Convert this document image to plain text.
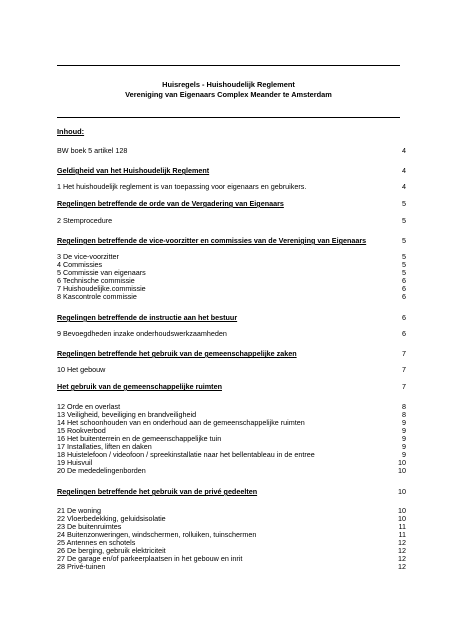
Huisregels - Huishoudelijk Reglement
Vereniging van Eigenaars Complex Meander te Amsterdam
Inhoud:
BW boek 5 artikel 128	4
Geldigheid van het Huishoudelijk Reglement	4
1 Het huishoudelijk reglement is van toepassing voor eigenaars en gebruikers.	4
Regelingen betreffende de orde van de Vergadering van Eigenaars	5
2 Stemprocedure	5
Regelingen betreffende de vice-voorzitter en commissies van de Vereniging van Eigenaars	5
3 De vice-voorzitter	5
4 Commissies	5
5 Commissie van eigenaars	5
6 Technische commissie	6
7 Huishoudelijke.commissie	6
8 Kascontrole commissie	6
Regelingen betreffende de instructie aan het bestuur	6
9 Bevoegdheden inzake onderhoudswerkzaamheden	6
Regelingen betreffende het gebruik van de gemeenschappelijke zaken	7
10 Het gebouw	7
Het gebruik van de gemeenschappelijke ruimten	7
12 Orde en overlast	8
13 Veiligheid, beveiliging en brandveiligheid	8
14 Het schoonhouden van en onderhoud aan de gemeenschappelijke ruimten	9
15 Rookverbod	9
16 Het buitenterrein en de gemeenschappelijke tuin	9
17 Installaties, liften en daken	9
18 Huistelefoon / videofoon / spreekinstallatie naar het bellentableau in de entree	9
19 Huisvuil	10
20 De mededelingenborden	10
Regelingen betreffende het gebruik van de privé gedeelten	10
21 De woning	10
22 Vloerbedekking, geluidsisolatie	10
23 De buitenruimtes	11
24 Buitenzonweringen, windschermen, rolluiken, tuinschermen	11
25 Antennes en schotels	12
26 De berging, gebruik elektriciteit	12
27 De garage en/of parkeerplaatsen in het gebouw en inrit	12
28 Privé-tuinen	12
